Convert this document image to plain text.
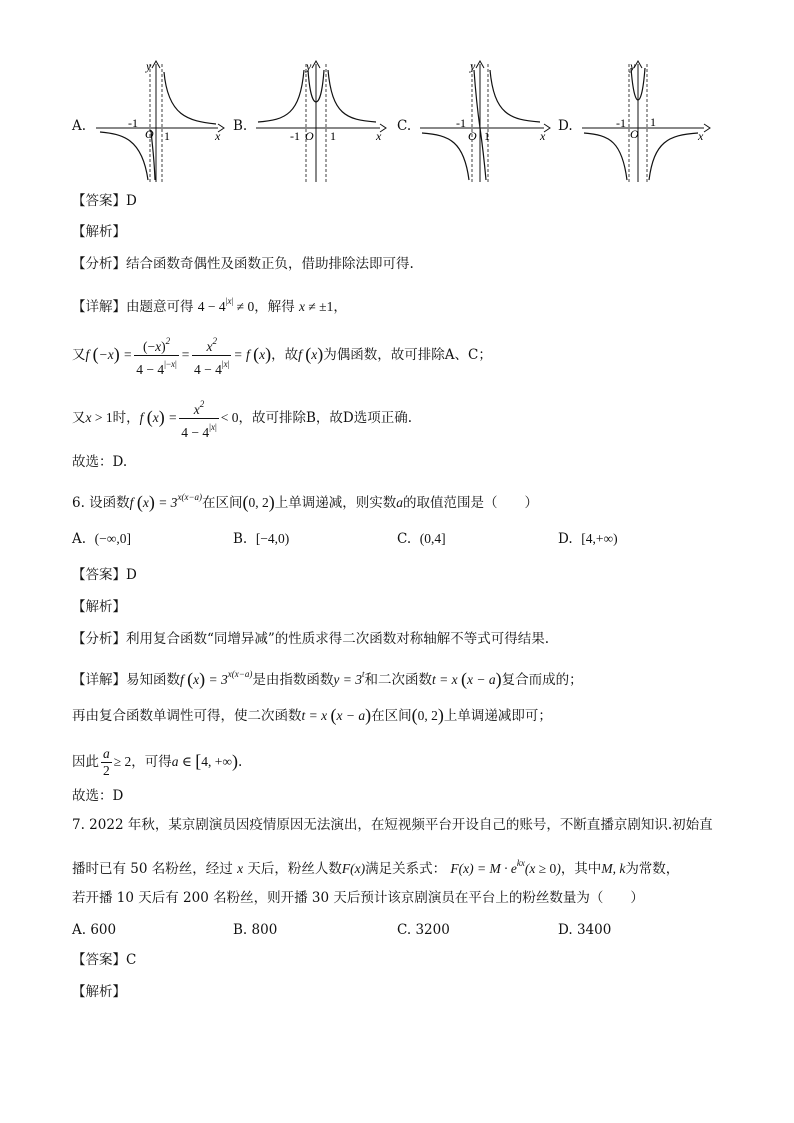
A.	-1
O 1	x
y
B.
-1 O 1	x
y
C.	-1
O 1	x
y
D.	-1
O
1
x
y
【答案】D
【解析】
【分析】结合函数奇偶性及函数正负，借助排除法即可得.
【详解】由题意可得 $4 - 4^{|x|} \ne 0$，解得 x ≠ ±1，
又f $(-x) = \frac{(-x)^2}{4 - 4^{|-x|}} = \frac{x^2}{4 - 4^{|x|}} = f$ (x)，故f (x)为偶函数，故可排除A、C；
又x > 1时，f $(x) = \frac{x^2}{4 - 4^{|x|}} < 0$，故可排除B，故D选项正确.
故选：D.
6. 设函数f $(x) = 3^{x(x-a)}$在区间(0, 2)上单调递减，则实数a的取值范围是（　　）
A. (−∞,0]	B. [−4,0)	C. (0,4]	D. [4,+∞)
【答案】D
【解析】
【分析】利用复合函数“同增异减”的性质求得二次函数对称轴解不等式可得结果.
【详解】易知函数f $(x) = 3^{x(x-a)}$是由指数函数$y = 3^t$和二次函数t = x (x − a)复合而成的；
再由复合函数单调性可得，使二次函数t = x (x − a)在区间(0, 2)上单调递减即可；
因此 $\frac{a}{2} \ge 2$，可得a ∈ [4, +∞).
故选：D
7. 2022 年秋，某京剧演员因疫情原因无法演出，在短视频平台开设自己的账号，不断直播京剧知识.初始直
播时已有 50 名粉丝，经过 x 天后，粉丝人数F(x)满足关系式： $F(x) = M \cdot e^{kx}(x \ge 0)$，其中M, k为常数，
若开播 10 天后有 200 名粉丝，则开播 30 天后预计该京剧演员在平台上的粉丝数量为（　　）
A. 600	B. 800	C. 3200	D. 3400
【答案】C
【解析】
